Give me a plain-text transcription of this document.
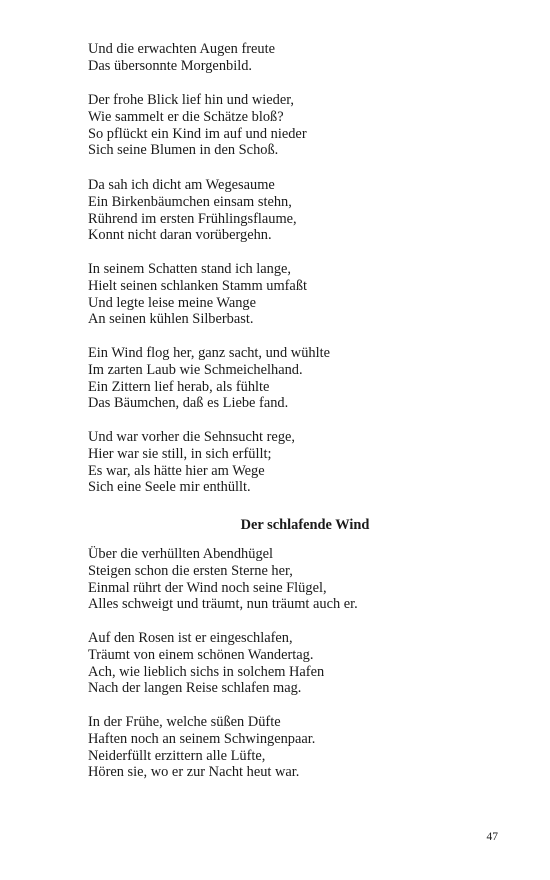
Und die erwachten Augen freute
Das übersonnte Morgenbild.
Der frohe Blick lief hin und wieder,
Wie sammelt er die Schätze bloß?
So pflückt ein Kind im auf und nieder
Sich seine Blumen in den Schoß.
Da sah ich dicht am Wegesaume
Ein Birkenbäumchen einsam stehn,
Rührend im ersten Frühlingsflaume,
Konnt nicht daran vorübergehn.
In seinem Schatten stand ich lange,
Hielt seinen schlanken Stamm umfaßt
Und legte leise meine Wange
An seinen kühlen Silberbast.
Ein Wind flog her, ganz sacht, und wühlte
Im zarten Laub wie Schmeichelhand.
Ein Zittern lief herab, als fühlte
Das Bäumchen, daß es Liebe fand.
Und war vorher die Sehnsucht rege,
Hier war sie still, in sich erfüllt;
Es war, als hätte hier am Wege
Sich eine Seele mir enthüllt.
Der schlafende Wind
Über die verhüllten Abendhügel
Steigen schon die ersten Sterne her,
Einmal rührt der Wind noch seine Flügel,
Alles schweigt und träumt, nun träumt auch er.
Auf den Rosen ist er eingeschlafen,
Träumt von einem schönen Wandertag.
Ach, wie lieblich sichs in solchem Hafen
Nach der langen Reise schlafen mag.
In der Frühe, welche süßen Düfte
Haften noch an seinem Schwingenpaar.
Neiderfüllt erzittern alle Lüfte,
Hören sie, wo er zur Nacht heut war.
47
